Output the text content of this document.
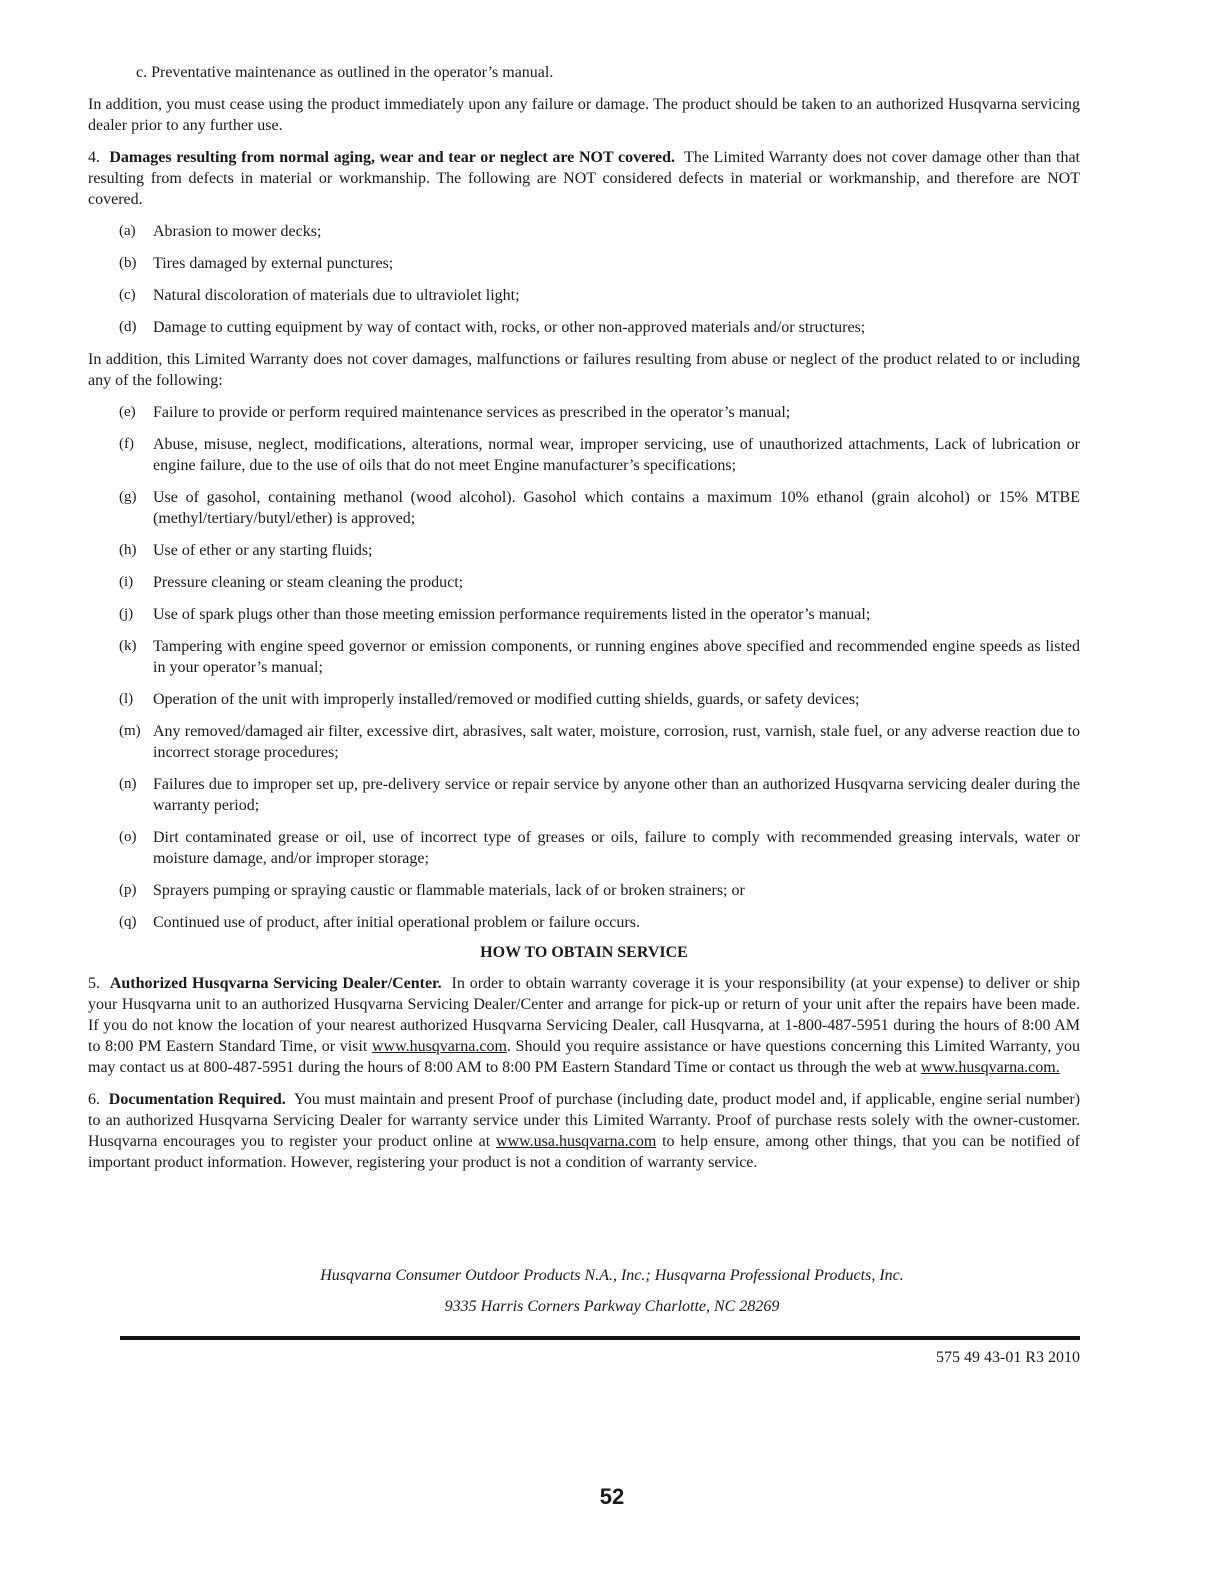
c. Preventative maintenance as outlined in the operator’s manual.

In addition, you must cease using the product immediately upon any failure or damage. The product should be taken to an authorized Husqvarna servicing dealer prior to any further use.

4. Damages resulting from normal aging, wear and tear or neglect are NOT covered. The Limited Warranty does not cover damage other than that resulting from defects in material or workmanship. The following are NOT considered defects in material or workmanship, and therefore are NOT covered.

(a)	Abrasion to mower decks;
(b)	Tires damaged by external punctures;
(c)	Natural discoloration of materials due to ultraviolet light;
(d)	Damage to cutting equipment by way of contact with, rocks, or other non-approved materials and/or structures;

In addition, this Limited Warranty does not cover damages, malfunctions or failures resulting from abuse or neglect of the product related to or including any of the following:

(e)	Failure to provide or perform required maintenance services as prescribed in the operator’s manual;
(f)	Abuse, misuse, neglect, modifications, alterations, normal wear, improper servicing, use of unauthorized attachments, Lack of lubrication or engine failure, due to the use of oils that do not meet Engine manufacturer’s specifications;
(g)	Use of gasohol, containing methanol (wood alcohol). Gasohol which contains a maximum 10% ethanol (grain alcohol) or 15% MTBE (methyl/tertiary/butyl/ether) is approved;
(h)	Use of ether or any starting fluids;
(i)	Pressure cleaning or steam cleaning the product;
(j)	Use of spark plugs other than those meeting emission performance requirements listed in the operator’s manual;
(k)	Tampering with engine speed governor or emission components, or running engines above specified and recommended engine speeds as listed in your operator’s manual;
(l)	Operation of the unit with improperly installed/removed or modified cutting shields, guards, or safety devices;
(m) Any removed/damaged air filter, excessive dirt, abrasives, salt water, moisture, corrosion, rust, varnish, stale fuel, or any adverse reaction due to incorrect storage procedures;
(n)	Failures due to improper set up, pre-delivery service or repair service by anyone other than an authorized Husqvarna servicing dealer during the warranty period;
(o)	Dirt contaminated grease or oil, use of incorrect type of greases or oils, failure to comply with recommended greasing intervals, water or moisture damage, and/or improper storage;
(p)	Sprayers pumping or spraying caustic or flammable materials, lack of or broken strainers; or
(q)	Continued use of product, after initial operational problem or failure occurs.
HOW TO OBTAIN SERVICE

5. Authorized Husqvarna Servicing Dealer/Center. In order to obtain warranty coverage it is your responsibility (at your expense) to deliver or ship your Husqvarna unit to an authorized Husqvarna Servicing Dealer/Center and arrange for pick-up or return of your unit after the repairs have been made. If you do not know the location of your nearest authorized Husqvarna Servicing Dealer, call Husqvarna, at 1-800-487-5951 during the hours of 8:00 AM to 8:00 PM Eastern Standard Time, or visit www.husqvarna.com. Should you require assistance or have questions concerning this Limited Warranty, you may contact us at 800-487-5951 during the hours of 8:00 AM to 8:00 PM Eastern Standard Time or contact us through the web at www.husqvarna.com.

6. Documentation Required. You must maintain and present Proof of purchase (including date, product model and, if applicable, engine serial number) to an authorized Husqvarna Servicing Dealer for warranty service under this Limited Warranty. Proof of purchase rests solely with the owner-customer. Husqvarna encourages you to register your product online at www.usa.husqvarna.com to help ensure, among other things, that you can be notified of important product information. However, registering your product is not a condition of warranty service.

Husqvarna Consumer Outdoor Products N.A., Inc.; Husqvarna Professional Products, Inc.
9335 Harris Corners Parkway Charlotte, NC 28269
575 49 43-01 R3 2010
52
